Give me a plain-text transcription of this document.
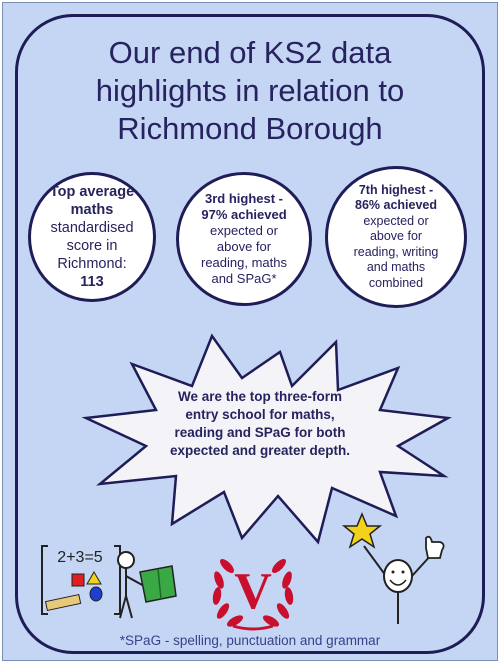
Our end of KS2 data
highlights in relation to
Richmond Borough
Top average
maths
standardised
score in
Richmond:
113
3rd highest -
97% achieved
expected or
above for
reading, maths
and SPaG*
7th highest -
86% achieved
expected or
above for
reading, writing
and maths
combined
We are the top three-form
entry school for maths,
reading and SPaG for both
expected and greater depth.
2+3=5
V
*SPaG - spelling, punctuation and grammar
